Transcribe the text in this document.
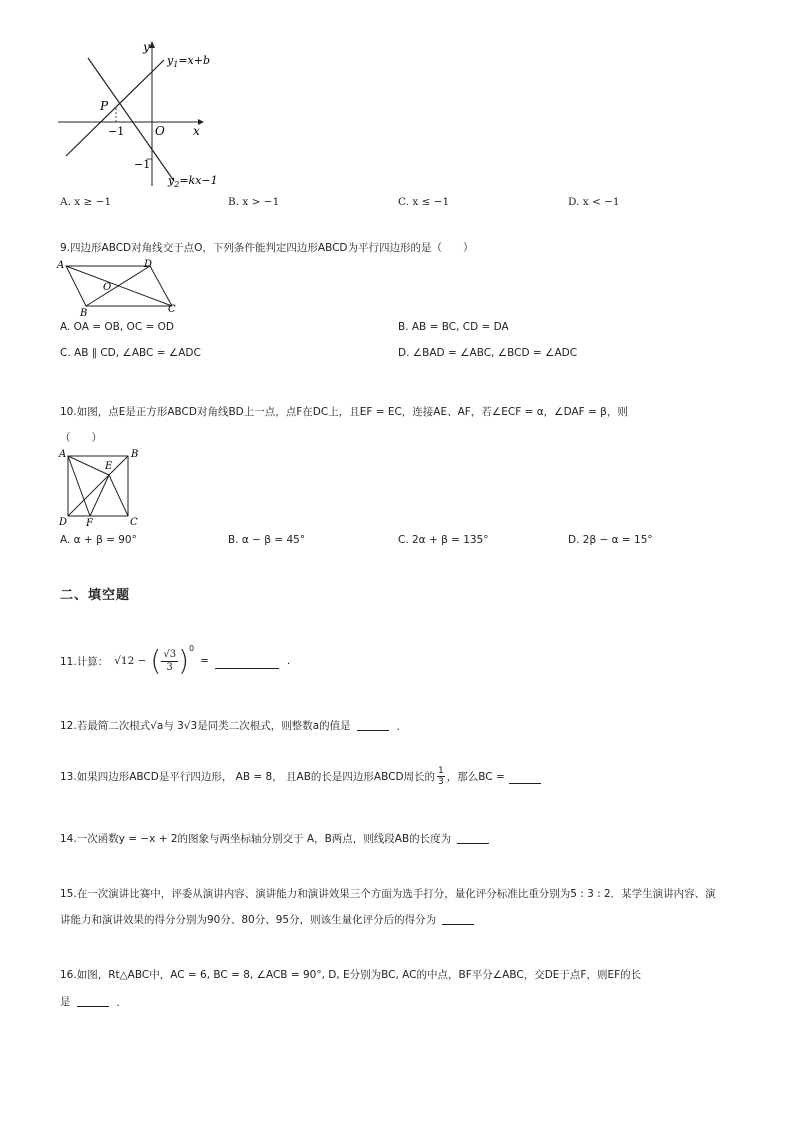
y
x
O
P
−1
−1
$y_1=x+b$
$y_2=kx-1$
A. x ≥ −1	B. x > −1	C. x ≤ −1	D. x < −1
9.四边形ABCD对角线交于点O，下列条件能判定四边形ABCD为平行四边形的是（　　）
A	D
B	C
O
A. OA = OB, OC = OD	B. AB = BC, CD = DA
C. AB ∥ CD, ∠ABC = ∠ADC	D. ∠BAD = ∠ABC, ∠BCD = ∠ADC
10.如图，点E是正方形ABCD对角线BD上一点，点F在DC上，且EF = EC，连接AE、AF，若∠ECF = α，∠DAF = β，则
（　　）
A	B
D	C
E
F
A. α + β = 90°	B. α − β = 45°	C. 2α + β = 135°	D. 2β − α = 15°
二、填空题
11.计算： √12 − ( $\frac{√3}{3}$ ) 0
=	.
12.若最简二次根式√a与 3√3是同类二次根式，则整数a的值是	.
13.如果四边形ABCD是平行四边形， AB = 8， 且AB的长是四边形ABCD周长的 $\frac{1}{3}$ ，那么BC =
14.一次函数y = −x + 2的图象与两坐标轴分别交于 A，B两点，则线段AB的长度为
15.在一次演讲比赛中，评委从演讲内容、演讲能力和演讲效果三个方面为选手打分，量化评分标准比重分别为5 : 3 : 2．某学生演讲内容、演
讲能力和演讲效果的得分分别为90分、80分、95分，则该生量化评分后的得分为
16.如图，Rt△ABC中，AC = 6, BC = 8, ∠ACB = 90°, D, E分别为BC, AC的中点，BF平分∠ABC，交DE于点F，则EF的长
是	.
